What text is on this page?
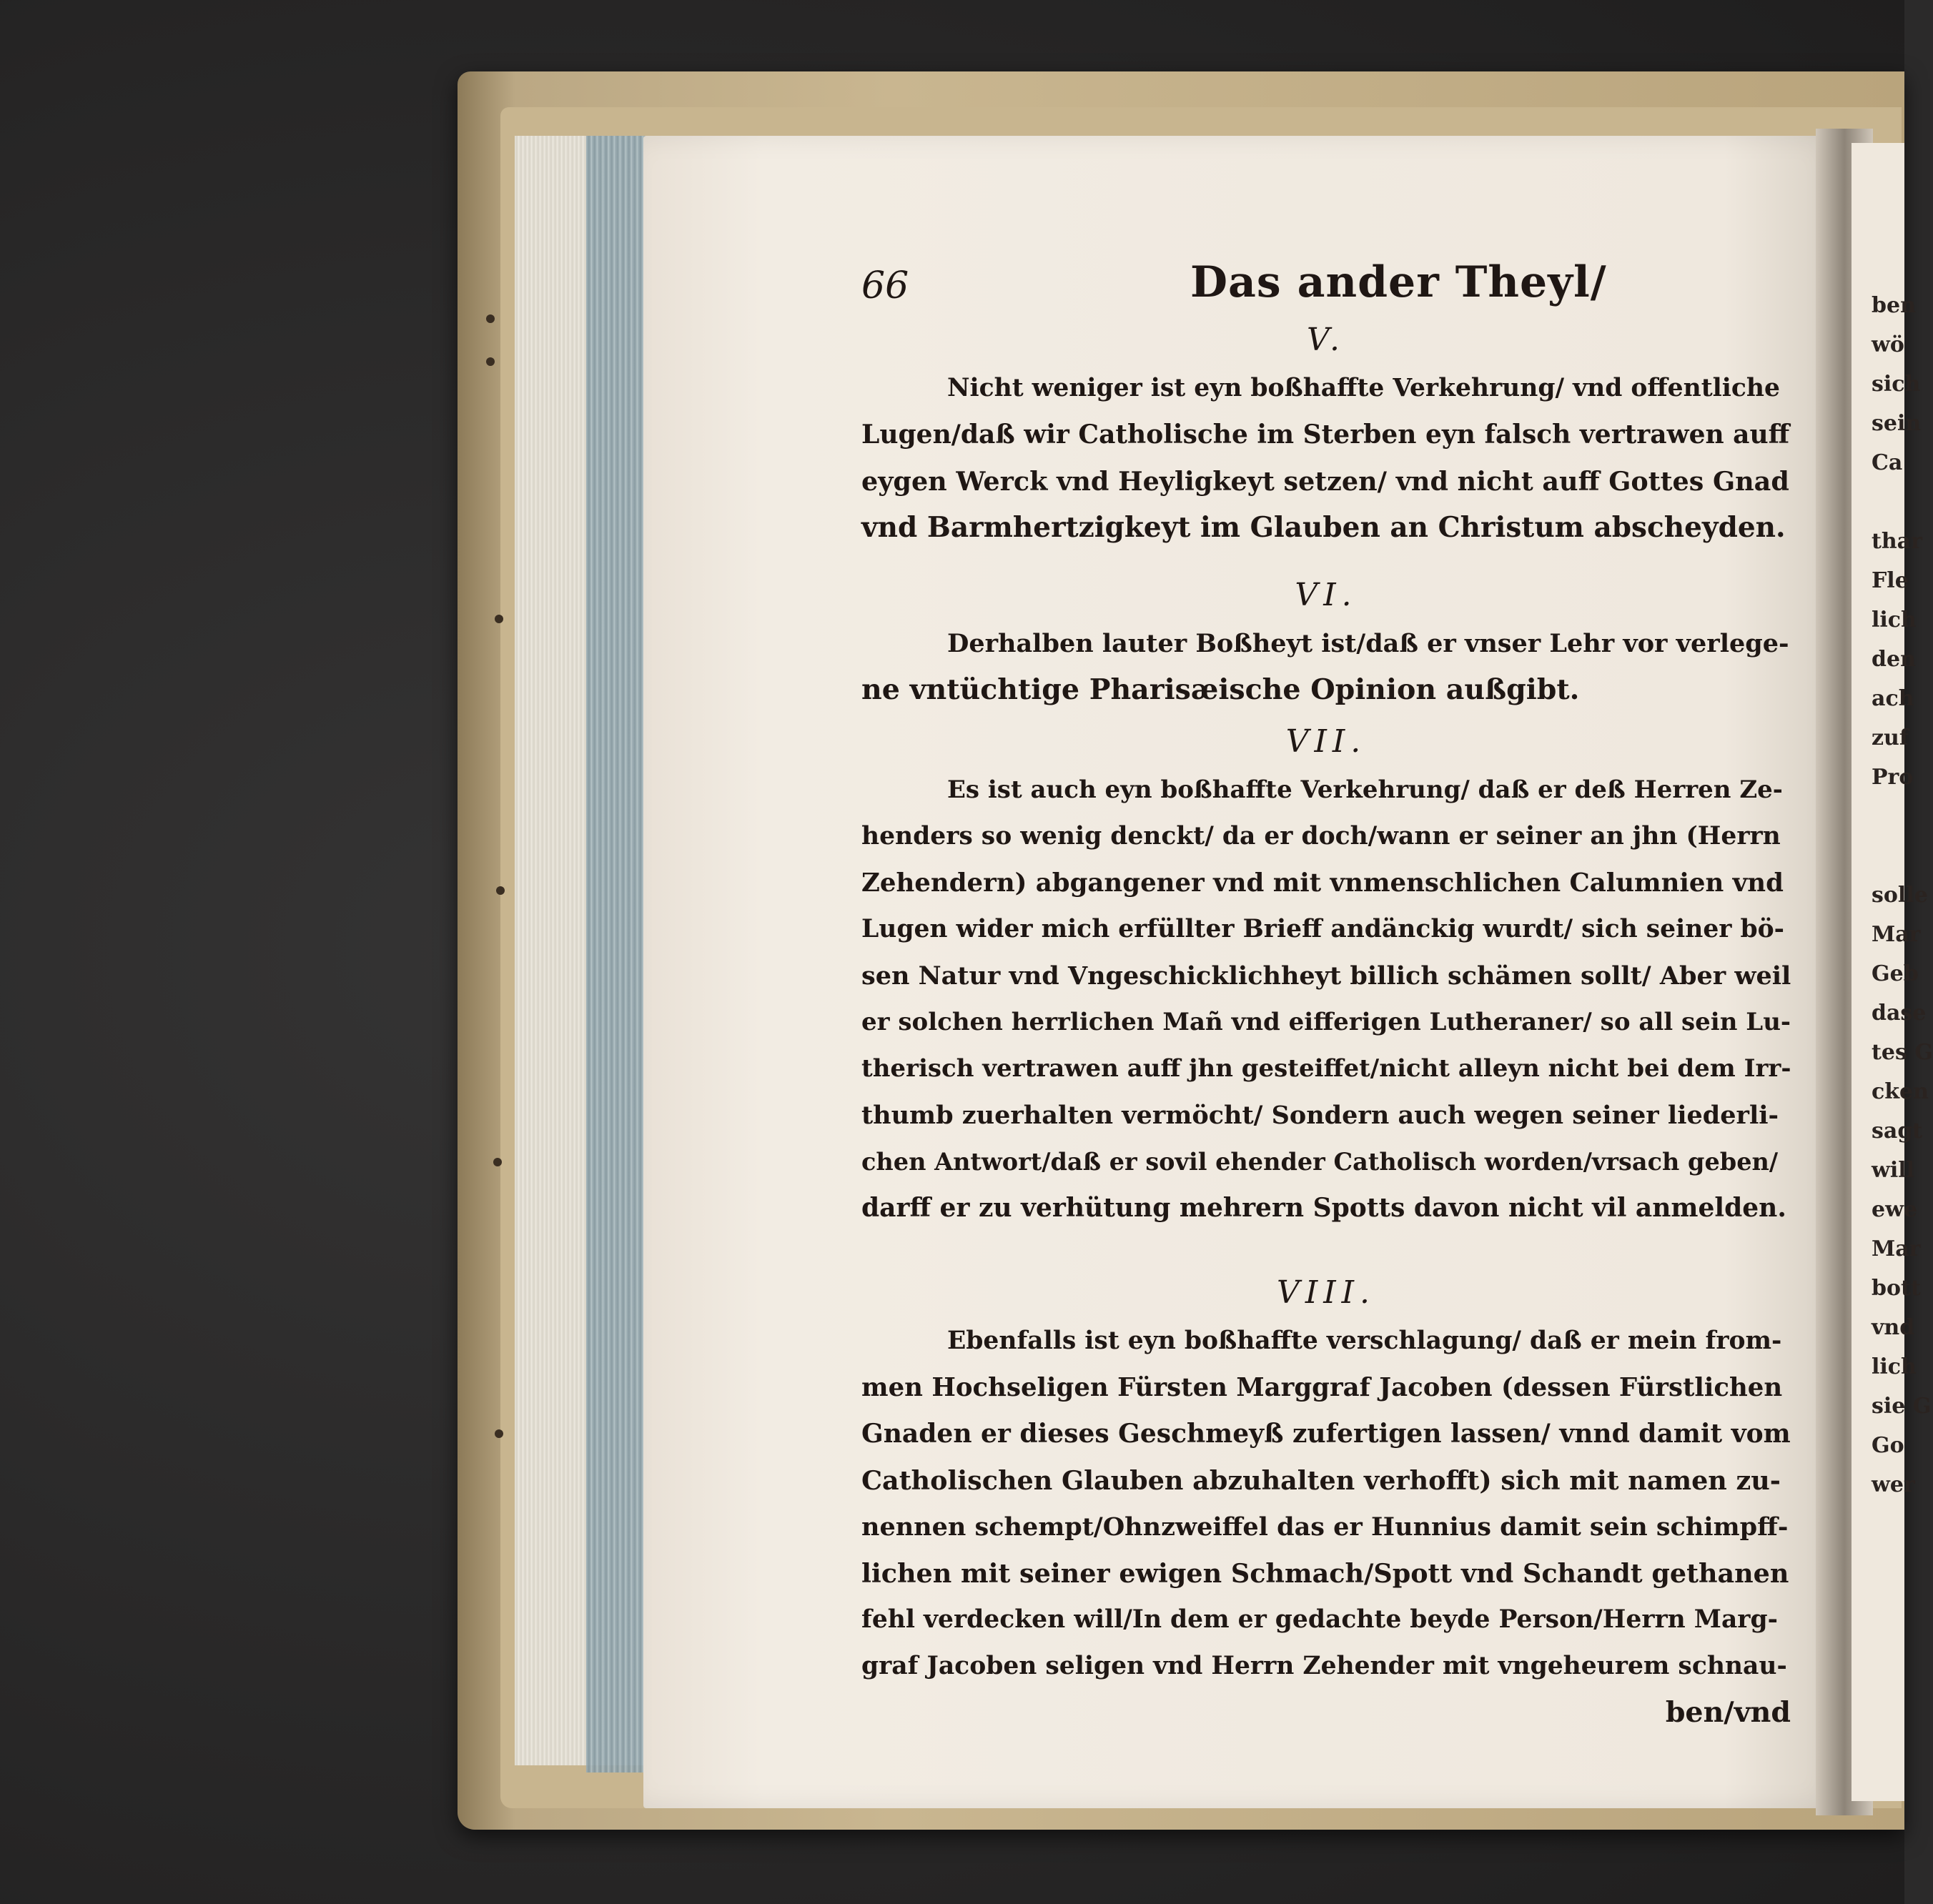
ben
wö
sich
sein
Ca

thar
Fle
lich
den
ach
zuf
Pro

solle
Mar
Geb
dase
tes G
cken
sagt
will
ewe
Mar
bott
vnd
lich
sie G
Go
wer
66	Das ander Theyl/
V.
Nicht weniger ist eyn boßhaffte Verkehrung/ vnd offentliche
Lugen/daß wir Catholische im Sterben eyn falsch vertrawen auff
eygen Werck vnd Heyligkeyt setzen/ vnd nicht auff Gottes Gnad
vnd Barmhertzigkeyt im Glauben an Christum abscheyden.
VI.
Derhalben lauter Boßheyt ist/daß er vnser Lehr vor verlege-
ne vntüchtige Pharisæische Opinion außgibt.
VII.
Es ist auch eyn boßhaffte Verkehrung/ daß er deß Herren Ze-
henders so wenig denckt/ da er doch/wann er seiner an jhn (Herrn
Zehendern) abgangener vnd mit vnmenschlichen Calumnien vnd
Lugen wider mich erfüllter Brieff andänckig wurdt/ sich seiner bö-
sen Natur vnd Vngeschicklichheyt billich schämen sollt/ Aber weil
er solchen herrlichen Mañ vnd eifferigen Lutheraner/ so all sein Lu-
therisch vertrawen auff jhn gesteiffet/nicht alleyn nicht bei dem Irr-
thumb zuerhalten vermöcht/ Sondern auch wegen seiner liederli-
chen Antwort/daß er sovil ehender Catholisch worden/vrsach geben/
darff er zu verhütung mehrern Spotts davon nicht vil anmelden.
VIII.
Ebenfalls ist eyn boßhaffte verschlagung/ daß er mein from-
men Hochseligen Fürsten Marggraf Jacoben (dessen Fürstlichen
Gnaden er dieses Geschmeyß zufertigen lassen/ vnnd damit vom
Catholischen Glauben abzuhalten verhofft) sich mit namen zu-
nennen schempt/Ohnzweiffel das er Hunnius damit sein schimpff-
lichen mit seiner ewigen Schmach/Spott vnd Schandt gethanen
fehl verdecken will/In dem er gedachte beyde Person/Herrn Marg-
graf Jacoben seligen vnd Herrn Zehender mit vngeheurem schnau-
ben/vnd
